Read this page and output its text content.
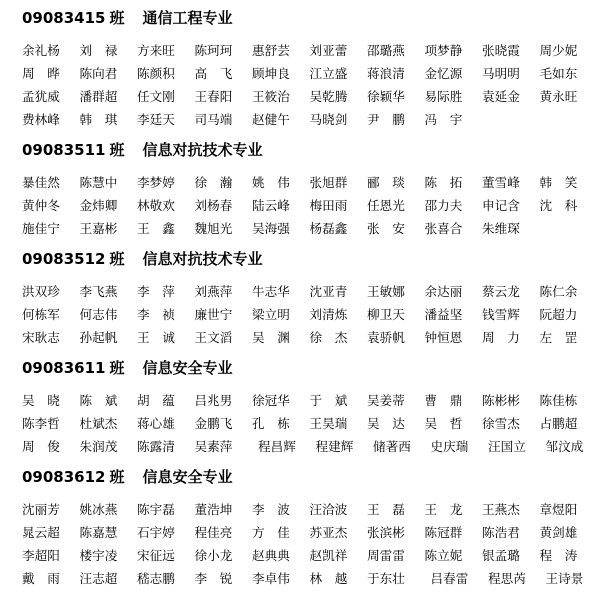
09083415 班 通信工程专业
余礼杨	刘　禄	方来旺	陈珂珂	惠舒芸	刘亚蕾	邵璐燕	项梦静	张晓霞	周少妮
周　晔	陈向君	陈颜积	高　飞	顾坤良	江立盛	蒋浪清	金忆源	马明明	毛如东
孟犹威	潘群超	任文刚	王春阳	王筱治	吴乾腾	徐颖华	易际胜	袁延金	黄永旺
费林峰	韩　琪	李廷天	司马端	赵健午	马晓剑	尹　鹏	冯　宇
09083511 班 信息对抗技术专业
暴佳然	陈慧中	李梦婷	徐　瀚	姚　伟	张旭群	郦　琰	陈　拓	董雪峰	韩　笑
黄仲冬	金炜卿	林敬欢	刘杨春	陆云峰	梅田雨	任恩光	邵力夫	申记含	沈　科
施佳宁	王嘉彬	王　鑫	魏旭光	吴海强	杨磊鑫	张　安	张喜合	朱维琛
09083512 班 信息对抗技术专业
洪双珍	李飞燕	李　萍	刘燕萍	牛志华	沈亚青	王敏娜	余达丽	蔡云龙	陈仁余
何栋军	何志伟	李　祯	廉世宁	梁立明	刘清炼	柳卫天	潘益坚	钱雪辉	阮超力
宋耿志	孙起帆	王　诚	王文滔	吴　渊	徐　杰	袁骄帆	钟恒恩	周　力	左　罡
09083611 班 信息安全专业
吴　晓	陈　斌	胡　蕴	吕兆男	徐冠华	于　斌	吴姜蒂	曹　鼎	陈彬彬	陈佳栋
陈李哲	杜斌杰	蒋心雄	金鹏飞	孔　栋	王昊瑞	吴　达	吴　哲	徐雪杰	占鹏超
周　俊	朱润茂	陈露清	吴素萍	程昌辉	程建辉	储著西	史庆瑞	汪国立	邹汶成
09083612 班 信息安全专业
沈丽芳	姚冰燕	陈宇磊	董浩坤	李　波	汪洽波	王　磊	王　龙	王燕杰	章煜阳
晁云超	陈嘉慧	石宇婷	程佳亮	方　佳	苏亚杰	张滨彬	陈冠群	陈浩君	黄剑雄
李超阳	楼宇凌	宋征远	徐小龙	赵典典	赵凯祥	周雷雷	陈立妮	银孟璐	程　涛
戴　雨	汪志超	嵇志鹏	李　锐	李卓伟	林　越	于东壮	吕春雷	程思芮	王诗景
